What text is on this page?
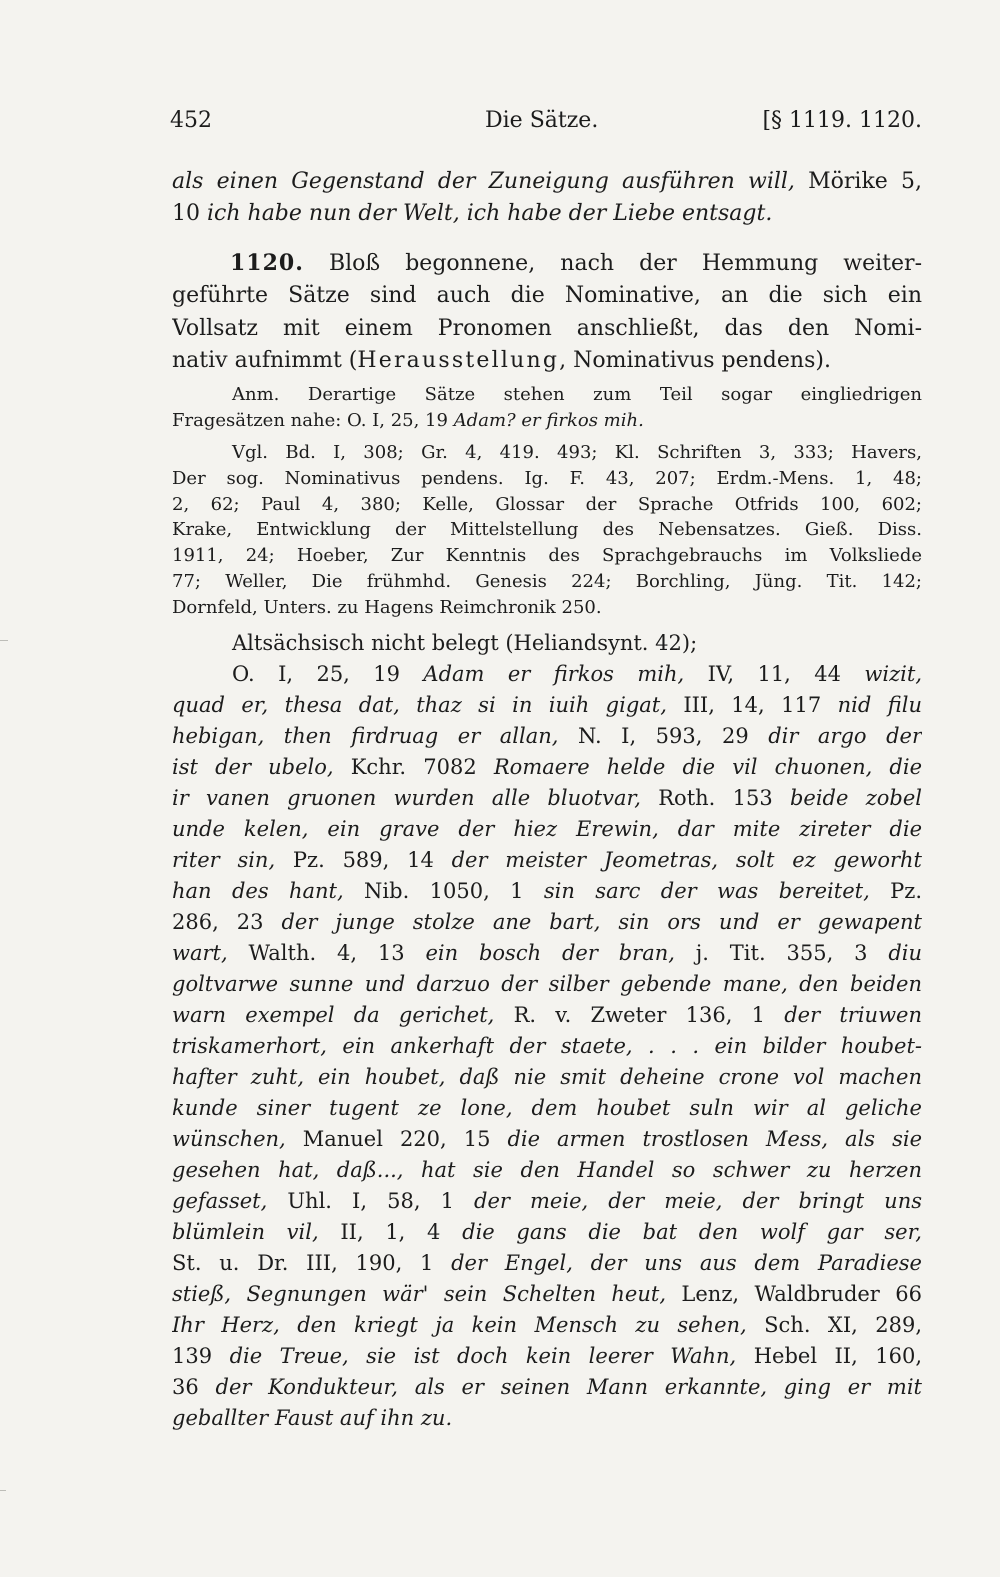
452	Die Sätze.	[§ 1119. 1120.
als einen Gegenstand der Zuneigung ausführen will, Mörike 5,
10 ich habe nun der Welt, ich habe der Liebe entsagt.
1120. Bloß begonnene, nach der Hemmung weiter-
geführte Sätze sind auch die Nominative, an die sich ein
Vollsatz mit einem Pronomen anschließt, das den Nomi-
nativ aufnimmt (Herausstellung, Nominativus pendens).
Anm. Derartige Sätze stehen zum Teil sogar eingliedrigen
Fragesätzen nahe: O. I, 25, 19 Adam? er firkos mih.
Vgl. Bd. I, 308; Gr. 4, 419. 493; Kl. Schriften 3, 333; Havers,
Der sog. Nominativus pendens. Ig. F. 43, 207; Erdm.-Mens. 1, 48;
2, 62; Paul 4, 380; Kelle, Glossar der Sprache Otfrids 100, 602;
Krake, Entwicklung der Mittelstellung des Nebensatzes. Gieß. Diss.
1911, 24; Hoeber, Zur Kenntnis des Sprachgebrauchs im Volksliede
77; Weller, Die frühmhd. Genesis 224; Borchling, Jüng. Tit. 142;
Dornfeld, Unters. zu Hagens Reimchronik 250.
Altsächsisch nicht belegt (Heliandsynt. 42);
O. I, 25, 19 Adam er firkos mih, IV, 11, 44 wizit,
quad er, thesa dat, thaz si in iuih gigat, III, 14, 117 nid filu
hebigan, then firdruag er allan, N. I, 593, 29 dir argo der
ist der ubelo, Kchr. 7082 Romaere helde die vil chuonen, die
ir vanen gruonen wurden alle bluotvar, Roth. 153 beide zobel
unde kelen, ein grave der hiez Erewin, dar mite zireter die
riter sin, Pz. 589, 14 der meister Jeometras, solt ez geworht
han des hant, Nib. 1050, 1 sin sarc der was bereitet, Pz.
286, 23 der junge stolze ane bart, sin ors und er gewapent
wart, Walth. 4, 13 ein bosch der bran, j. Tit. 355, 3 diu
goltvarwe sunne und darzuo der silber gebende mane, den beiden
warn exempel da gerichet, R. v. Zweter 136, 1 der triuwen
triskamerhort, ein ankerhaft der staete, . . . ein bilder houbet-
hafter zuht, ein houbet, daß nie smit deheine crone vol machen
kunde siner tugent ze lone, dem houbet suln wir al geliche
wünschen, Manuel 220, 15 die armen trostlosen Mess, als sie
gesehen hat, daß..., hat sie den Handel so schwer zu herzen
gefasset, Uhl. I, 58, 1 der meie, der meie, der bringt uns
blümlein vil, II, 1, 4 die gans die bat den wolf gar ser,
St. u. Dr. III, 190, 1 der Engel, der uns aus dem Paradiese
stieß, Segnungen wär' sein Schelten heut, Lenz, Waldbruder 66
Ihr Herz, den kriegt ja kein Mensch zu sehen, Sch. XI, 289,
139 die Treue, sie ist doch kein leerer Wahn, Hebel II, 160,
36 der Kondukteur, als er seinen Mann erkannte, ging er mit
geballter Faust auf ihn zu.
